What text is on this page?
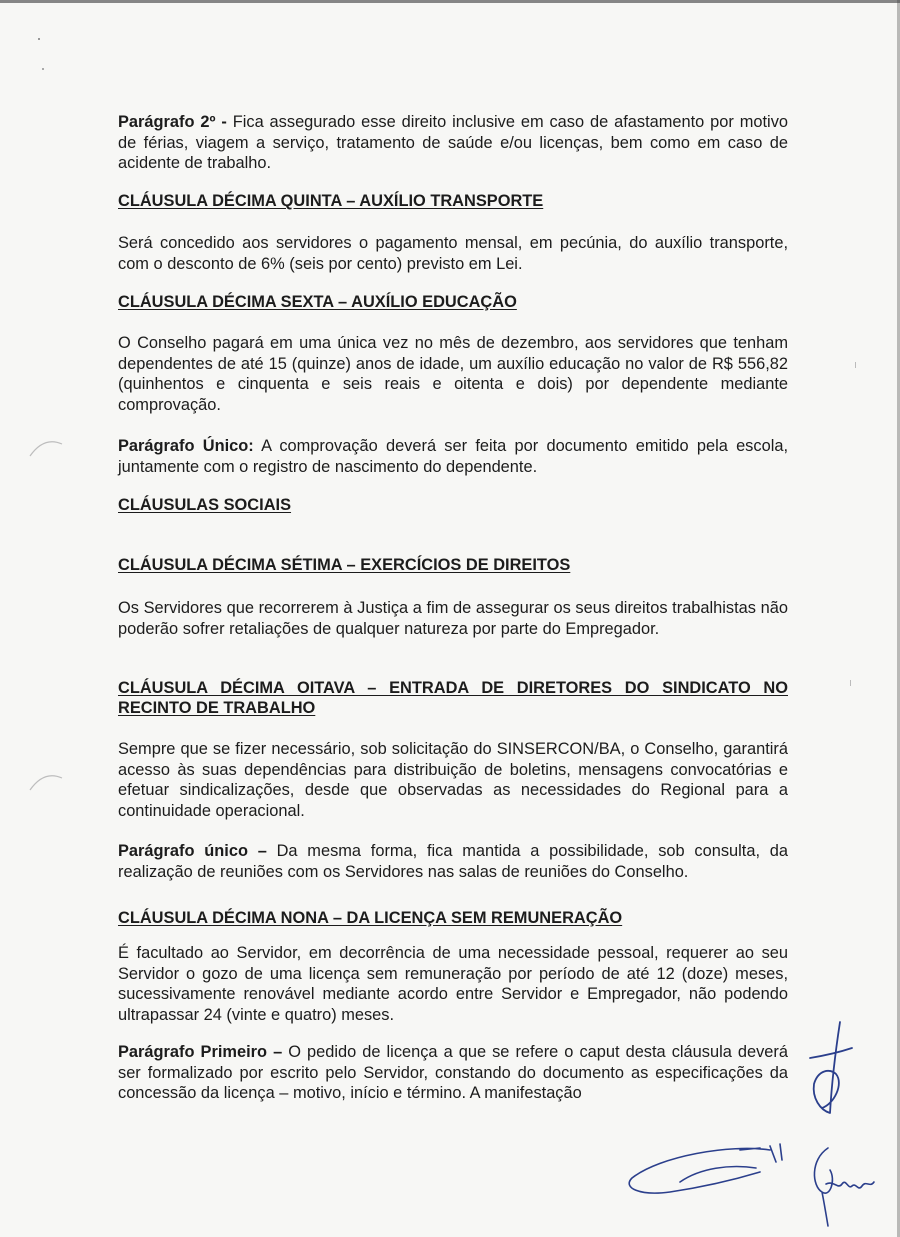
Parágrafo 2º - Fica assegurado esse direito inclusive em caso de afastamento por motivo de férias, viagem a serviço, tratamento de saúde e/ou licenças, bem como em caso de acidente de trabalho.

CLÁUSULA DÉCIMA QUINTA – AUXÍLIO TRANSPORTE

Será concedido aos servidores o pagamento mensal, em pecúnia, do auxílio transporte, com o desconto de 6% (seis por cento) previsto em Lei.

CLÁUSULA DÉCIMA SEXTA – AUXÍLIO EDUCAÇÃO

O Conselho pagará em uma única vez no mês de dezembro, aos servidores que tenham dependentes de até 15 (quinze) anos de idade, um auxílio educação no valor de R$ 556,82 (quinhentos e cinquenta e seis reais e oitenta e dois) por dependente mediante comprovação.

Parágrafo Único: A comprovação deverá ser feita por documento emitido pela escola, juntamente com o registro de nascimento do dependente.

CLÁUSULAS SOCIAIS

CLÁUSULA DÉCIMA SÉTIMA – EXERCÍCIOS DE DIREITOS

Os Servidores que recorrerem à Justiça a fim de assegurar os seus direitos trabalhistas não poderão sofrer retaliações de qualquer natureza por parte do Empregador.

CLÁUSULA DÉCIMA OITAVA – ENTRADA DE DIRETORES DO SINDICATO NO RECINTO DE TRABALHO

Sempre que se fizer necessário, sob solicitação do SINSERCON/BA, o Conselho, garantirá acesso às suas dependências para distribuição de boletins, mensagens convocatórias e efetuar sindicalizações, desde que observadas as necessidades do Regional para a continuidade operacional.

Parágrafo único – Da mesma forma, fica mantida a possibilidade, sob consulta, da realização de reuniões com os Servidores nas salas de reuniões do Conselho.

CLÁUSULA DÉCIMA NONA – DA LICENÇA SEM REMUNERAÇÃO

É facultado ao Servidor, em decorrência de uma necessidade pessoal, requerer ao seu Servidor o gozo de uma licença sem remuneração por período de até 12 (doze) meses, sucessivamente renovável mediante acordo entre Servidor e Empregador, não podendo ultrapassar 24 (vinte e quatro) meses.

Parágrafo Primeiro – O pedido de licença a que se refere o caput desta cláusula deverá ser formalizado por escrito pelo Servidor, constando do documento as especificações da concessão da licença – motivo, início e término. A manifestação
